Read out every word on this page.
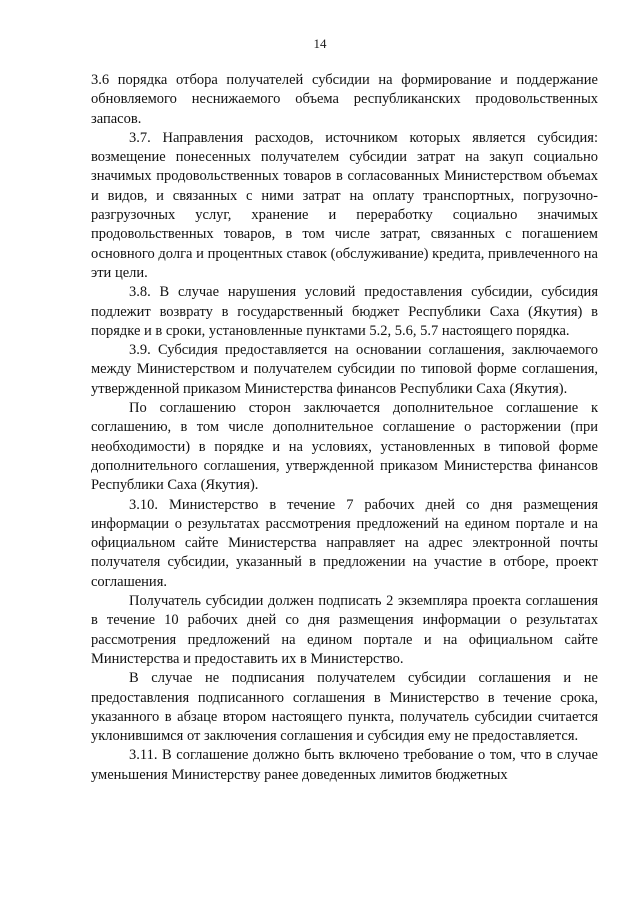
14

3.6 порядка отбора получателей субсидии на формирование и поддержание обновляемого неснижаемого объема республиканских продовольственных запасов.

3.7. Направления расходов, источником которых является субсидия: возмещение понесенных получателем субсидии затрат на закуп социально значимых продовольственных товаров в согласованных Министерством объемах и видов, и связанных с ними затрат на оплату транспортных, погрузочно-разгрузочных услуг, хранение и переработку социально значимых продовольственных товаров, в том числе затрат, связанных с погашением основного долга и процентных ставок (обслуживание) кредита, привлеченного на эти цели.

3.8. В случае нарушения условий предоставления субсидии, субсидия подлежит возврату в государственный бюджет Республики Саха (Якутия) в порядке и в сроки, установленные пунктами 5.2, 5.6, 5.7 настоящего порядка.

3.9. Субсидия предоставляется на основании соглашения, заключаемого между Министерством и получателем субсидии по типовой форме соглашения, утвержденной приказом Министерства финансов Республики Саха (Якутия).

По соглашению сторон заключается дополнительное соглашение к соглашению, в том числе дополнительное соглашение о расторжении (при необходимости) в порядке и на условиях, установленных в типовой форме дополнительного соглашения, утвержденной приказом Министерства финансов Республики Саха (Якутия).

3.10. Министерство в течение 7 рабочих дней со дня размещения информации о результатах рассмотрения предложений на едином портале и на официальном сайте Министерства направляет на адрес электронной почты получателя субсидии, указанный в предложении на участие в отборе, проект соглашения.

Получатель субсидии должен подписать 2 экземпляра проекта соглашения в течение 10 рабочих дней со дня размещения информации о результатах рассмотрения предложений на едином портале и на официальном сайте Министерства и предоставить их в Министерство.

В случае не подписания получателем субсидии соглашения и не предоставления подписанного соглашения в Министерство в течение срока, указанного в абзаце втором настоящего пункта, получатель субсидии считается уклонившимся от заключения соглашения и субсидия ему не предоставляется.

3.11. В соглашение должно быть включено требование о том, что в случае уменьшения Министерству ранее доведенных лимитов бюджетных
